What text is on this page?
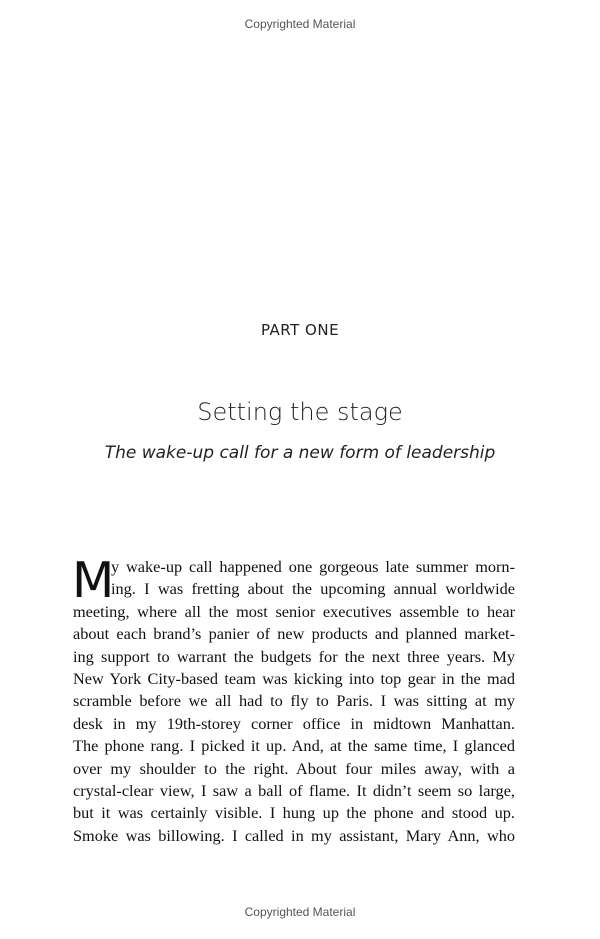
Copyrighted Material
PART ONE
Setting the stage
The wake-up call for a new form of leadership
M
y wake-up call happened one gorgeous late summer morn-
ing. I was fretting about the upcoming annual worldwide
meeting, where all the most senior executives assemble to hear
about each brand’s panier of new products and planned market-
ing support to warrant the budgets for the next three years. My
New York City-based team was kicking into top gear in the mad
scramble before we all had to fly to Paris. I was sitting at my
desk in my 19th-storey corner office in midtown Manhattan.
The phone rang. I picked it up. And, at the same time, I glanced
over my shoulder to the right. About four miles away, with a
crystal-clear view, I saw a ball of flame. It didn’t seem so large,
but it was certainly visible. I hung up the phone and stood up.
Smoke was billowing. I called in my assistant, Mary Ann, who
Copyrighted Material
